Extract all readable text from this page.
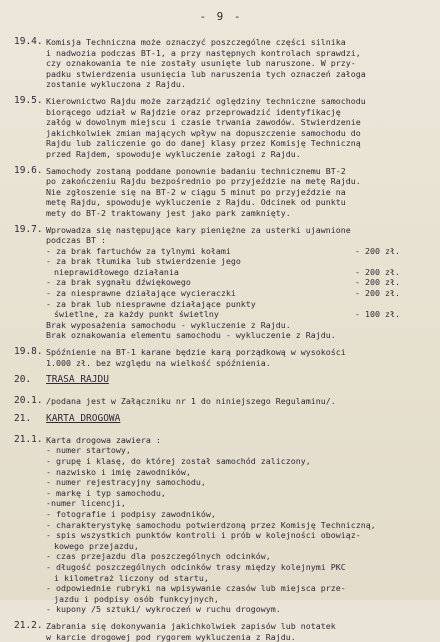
- 9 -
19.4. Komisja Techniczna może oznaczyć poszczególne części silnika
i nadwozia podczas BT-1, a przy następnych kontrolach sprawdzi,
czy oznakowania te nie zostały usunięte lub naruszone. W przy-
padku stwierdzenia usunięcia lub naruszenia tych oznaczeń załoga
zostanie wykluczona z Rajdu.
19.5. Kierownictwo Rajdu może zarządzić oględziny techniczne samochodu
biorącego udział w Rajdzie oraz przeprowadzić identyfikację
załóg w dowolnym miejscu i czasie trwania zawodów. Stwierdzenie
jakichkolwiek zmian mających wpływ na dopuszczenie samochodu do
Rajdu lub zaliczenie go do danej klasy przez Komisję Techniczną
przed Rajdem, spowoduje wykluczenie załogi z Rajdu.
19.6. Samochody zostaną poddane ponownie badaniu technicznemu BT-2
po zakończeniu Rajdu bezpośrednio po przyjeździe na metę Rajdu.
Nie zgłoszenie się na BT-2 w ciągu 5 minut po przyjeździe na
metę Rajdu, spowoduje wykluczenie z Rajdu. Odcinek od punktu
mety do BT-2 traktowany jest jako park zamknięty.
19.7. Wprowadza się następujące kary pieniężne za usterki ujawnione
podczas BT :
- za brak fartuchów za tylnymi kołami	- 200 zł.
- za brak tłumika lub stwierdzenie jego
nieprawidłowego działania	- 200 zł.
- za brak sygnału dźwiękowego	- 200 zł.
- za niesprawne działające wycieraczki	- 200 zł.
- za brak lub niesprawne działające punkty
świetlne, za każdy punkt świetlny	- 100 zł.
Brak wyposażenia samochodu - wykluczenie z Rajdu.
Brak oznakowania elementu samochodu - wykluczenie z Rajdu.
19.8. Spóźnienie na BT-1 karane będzie karą porządkową w wysokości
1.000 zł. bez względu na wielkość spóźnienia.
20.	TRASA RAJDU
20.1. /podana jest w Załączniku nr 1 do niniejszego Regulaminu/.
21.	KARTA DROGOWA
21.1. Karta drogowa zawiera :
- numer startowy,
- grupę i klasę, do której został samochód zaliczony,
- nazwisko i imię zawodników,
- numer rejestracyjny samochodu,
- markę i typ samochodu,
-numer licencji,
- fotografie i podpisy zawodników,
- charakterystykę samochodu potwierdzoną przez Komisję Techniczną,
- spis wszystkich punktów kontroli i prób w kolejności obowiąz-
kowego przejazdu,
- czas przejazdu dla poszczególnych odcinków,
- długość poszczególnych odcinków trasy między kolejnymi PKC
i kilometraż liczony od startu,
- odpowiednie rubryki na wpisywanie czasów lub miejsca prze-
jazdu i podpisy osób funkcyjnych,
- kupony /5 sztuki/ wykroczeń w ruchu drogowym.
21.2. Zabrania się dokonywania jakichkolwiek zapisów lub notatek
w karcie drogowej pod rygorem wykluczenia z Rajdu.
